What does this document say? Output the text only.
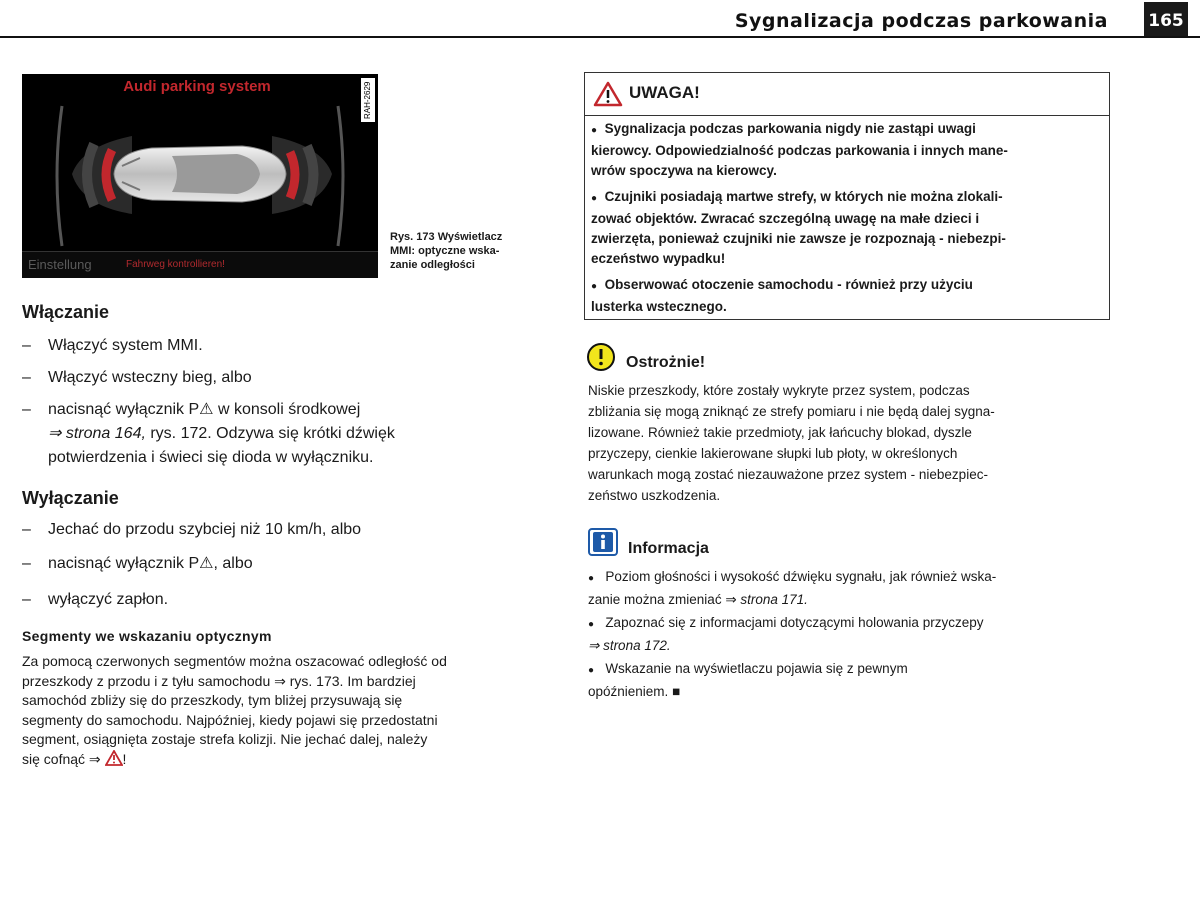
Sygnalizacja podczas parkowania 165
Audi parking system	RAH-2629
Einstellung	Fahrweg kontrollieren!
Rys. 173 Wyświetlacz
MMI: optyczne wska-
zanie odległości
Włączanie
– Włączyć system MMI.
– Włączyć wsteczny bieg, albo
– nacisnąć wyłącznik P⚠ w konsoli środkowej
⇒ strona 164, rys. 172. Odzywa się krótki dźwięk
potwierdzenia i świeci się dioda w wyłączniku.
Wyłączanie
– Jechać do przodu szybciej niż 10 km/h, albo
– nacisnąć wyłącznik P⚠, albo
– wyłączyć zapłon.
Segmenty we wskazaniu optycznym
Za pomocą czerwonych segmentów można oszacować odległość od
przeszkody z przodu i z tyłu samochodu ⇒ rys. 173. Im bardziej
samochód zbliży się do przeszkody, tym bliżej przysuwają się
segmenty do samochodu. Najpóźniej, kiedy pojawi się przedostatni
segment, osiągnięta zostaje strefa kolizji. Nie jechać dalej, należy
się cofnąć ⇒ !
UWAGA!
● Sygnalizacja podczas parkowania nigdy nie zastąpi uwagi
kierowcy. Odpowiedzialność podczas parkowania i innych mane-
wrów spoczywa na kierowcy.
● Czujniki posiadają martwe strefy, w których nie można zlokali-
zować objektów. Zwracać szczególną uwagę na małe dzieci i
zwierzęta, ponieważ czujniki nie zawsze je rozpoznają - niebezpi-
eczeństwo wypadku!
● Obserwować otoczenie samochodu - również przy użyciu
lusterka wstecznego.
Ostrożnie!
Niskie przeszkody, które zostały wykryte przez system, podczas
zbliżania się mogą zniknąć ze strefy pomiaru i nie będą dalej sygna-
lizowane. Również takie przedmioty, jak łańcuchy blokad, dyszle
przyczepy, cienkie lakierowane słupki lub płoty, w określonych
warunkach mogą zostać niezauważone przez system - niebezpiec-
zeństwo uszkodzenia.
Informacja
● Poziom głośności i wysokość dźwięku sygnału, jak również wska-
zanie można zmieniać ⇒ strona 171.
● Zapoznać się z informacjami dotyczącymi holowania przyczepy
⇒ strona 172.
● Wskazanie na wyświetlaczu pojawia się z pewnym
opóźnieniem. ■
